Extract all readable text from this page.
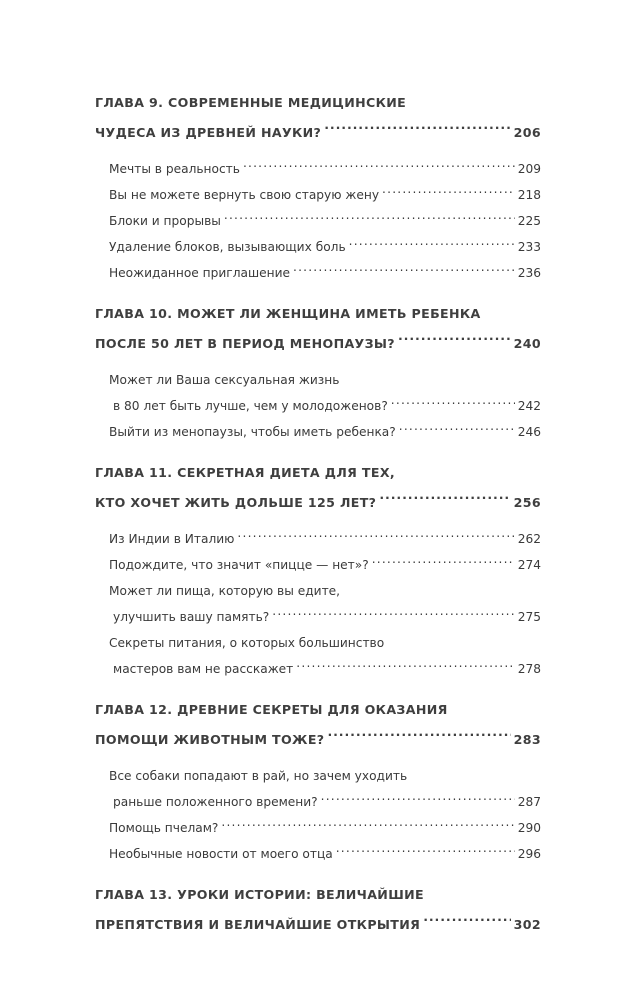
ГЛАВА 9. СОВРЕМЕННЫЕ МЕДИЦИНСКИЕ
ЧУДЕСА ИЗ ДРЕВНЕЙ НАУКИ? .....	206
Мечты в реальность .....	209
Вы не можете вернуть свою старую жену .....	218
Блоки и прорывы .....	225
Удаление блоков, вызывающих боль .....	233
Неожиданное приглашение .....	236
ГЛАВА 10. МОЖЕТ ЛИ ЖЕНЩИНА ИМЕТЬ РЕБЕНКА
ПОСЛЕ 50 ЛЕТ В ПЕРИОД МЕНОПАУЗЫ? .....	240
Может ли Ваша сексуальная жизнь
в 80 лет быть лучше, чем у молодоженов? .....	242
Выйти из менопаузы, чтобы иметь ребенка? .....	246
ГЛАВА 11. СЕКРЕТНАЯ ДИЕТА ДЛЯ ТЕХ,
КТО ХОЧЕТ ЖИТЬ ДОЛЬШЕ 125 ЛЕТ? .....	256
Из Индии в Италию .....	262
Подождите, что значит «пицце — нет»? .....	274
Может ли пища, которую вы едите,
улучшить вашу память? .....	275
Секреты питания, о которых большинство
мастеров вам не расскажет .....	278
ГЛАВА 12. ДРЕВНИЕ СЕКРЕТЫ ДЛЯ ОКАЗАНИЯ
ПОМОЩИ ЖИВОТНЫМ ТОЖЕ? .....	283
Все собаки попадают в рай, но зачем уходить
раньше положенного времени? .....	287
Помощь пчелам? .....	290
Необычные новости от моего отца .....	296
ГЛАВА 13. УРОКИ ИСТОРИИ: ВЕЛИЧАЙШИЕ
ПРЕПЯТСТВИЯ И ВЕЛИЧАЙШИЕ ОТКРЫТИЯ .....	302
